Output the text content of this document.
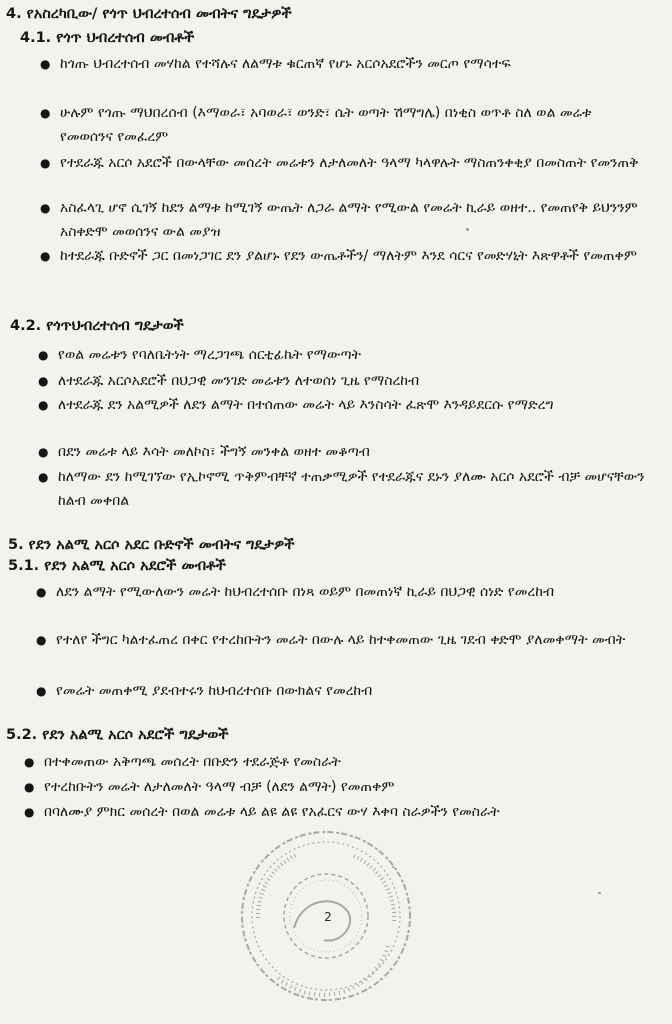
4. የአስረካቢው/ የጎጥ ህብረተሰብ መብትና ግዴታዎች
4.1. የጎጥ ህብረተሰብ መብቶች
● ከጎጡ ህብረተሰብ መሃከል የተሻሉና ለልማቱ ቁርጠኛ የሆኑ አርሶአደሮችን መርጦ የማሳተፍ
● ሁሉም የጎጡ ማህበረሰብ (እማወራ፣ አባወራ፣ ወንድ፣ ሴት ወጣት ሽማግሌ) በነቂስ ወጥቶ ስለ ወል መሬቱ የመወሰንና የመፈረም
● የተደራጁ አርሶ አደሮች በውላቸው መሰረት መሬቱን ለታለመለት ዓላማ ካላዋሉት ማስጠንቀቂያ በመስጠት የመንጠቅ
● አስፈላጊ ሆኖ ሲገኝ ከደን ልማቱ ከሚገኝ ውጤት ለጋራ ልማት የሚውል የመሬት ኪራይ ወዘተ.. የመጠየቅ ይህንንም አስቀድሞ መወሰንና ውል መያዝ
● ከተደራጁ ቡድኖች ጋር በመነጋገር ደን ያልሆኑ የደን ውጤቶችን/ ማለትም እንደ ሳርና የመድሃኒት እጽዋቶች የመጠቀም
4.2. የጎጥህብረተሰብ ግዴታወች
● የወል መሬቱን የባለቤትነት ማረጋገጫ ሰርቲፊኬት የማውጣት
● ለተደራጁ አርሶአደሮች በህጋዊ መንገድ መሬቱን ለተወሰነ ጊዜ የማስረከብ
● ለተደራጁ ደን አልሚዎች ለደን ልማት በተሰጠው መሬት ላይ እንስሳት ፈጽሞ እንዳይደርሱ የማድረግ
● በደን መሬቱ ላይ እሳት መለኮስ፣ ችግኝ መንቀል ወዘተ መቆጣብ
● ከለማው ደን ከሚገኘው የኢኮኖሚ ጥቅምብቸኛ ተጠቃሚዎች የተደራጁና ደኑን ያለሙ አርሶ አደሮች ብቻ መሆናቸውን ከልብ መቀበል
5. የደን አልሚ አርሶ አደር ቡድኖች መብትና ግዴታዎች
5.1. የደን አልሚ አርሶ አደሮች መብቶች
● ለደን ልማት የሚውለውን መሬት ከህብረተሰቡ በነጻ ወይም በመጠነኛ ኪራይ በህጋዊ ሰነድ የመረከብ
● የተለየ ችግር ካልተፈጠረ በቀር የተረከቡትን መሬት በውሉ ላይ ከተቀመጠው ጊዜ ገደብ ቀድሞ ያለመቀማት መብት
● የመሬት መጠቀሚ ያደብተሩን ከህብረተሰቡ በውክልና የመረከብ
5.2. የደን አልሚ አርሶ አደሮች ግዴታወች
● በተቀመጠው አቅጣጫ መሰረት በቡድን ተደራጅቶ የመስራት
● የተረከቡትን መሬት ለታለመለት ዓላማ ብቻ (ለደን ልማት) የመጠቀም
● በባለሙያ ምክር መሰረት በወል መሬቱ ላይ ልዩ ልዩ የአፈርና ውሃ እቀባ ስራዎችን የመስራት
2
